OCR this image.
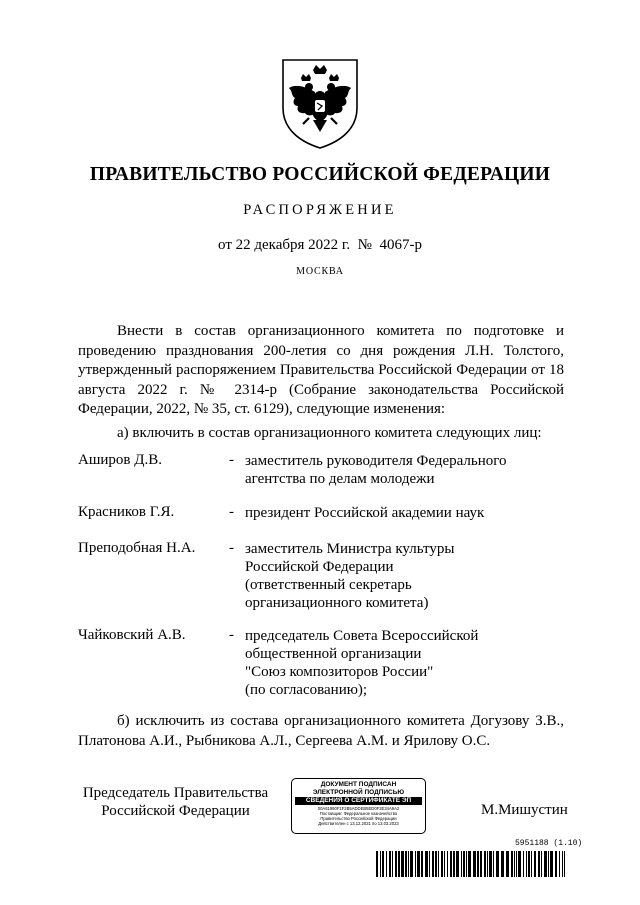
ПРАВИТЕЛЬСТВО РОССИЙСКОЙ ФЕДЕРАЦИИ
РАСПОРЯЖЕНИЕ
от 22 декабря 2022 г.  №  4067-р
МОСКВА

Внести в состав организационного комитета по подготовке и проведению празднования 200-летия со дня рождения Л.Н. Толстого, утвержденный распоряжением Правительства Российской Федерации от 18 августа 2022 г. № 2314-р (Собрание законодательства Российской Федерации, 2022, № 35, ст. 6129), следующие изменения:

а) включить в состав организационного комитета следующих лиц:

Аширов Д.В.	- заместитель руководителя Федерального
агентства по делам молодежи
Красников Г.Я.	- президент Российской академии наук
Преподобная Н.А. - заместитель Министра культуры
Российской Федерации
(ответственный секретарь
организационного комитета)
Чайковский А.В.	- председатель Совета Всероссийской
общественной организации
"Союз композиторов России"
(по согласованию);
б) исключить из состава организационного комитета Догузову З.В.,
Платонова А.И., Рыбникова А.Л., Сергеева А.М. и Ярилову О.С.
Председатель Правительства
Российской Федерации
ДОКУМЕНТ ПОДПИСАН
ЭЛЕКТРОННОЙ ПОДПИСЬЮ
СВЕДЕНИЯ О СЕРТИФИКАТЕ ЭП
00A61990F1F2B5ADDEB5ED0F2E34A9A2
Поставщик: Федеральное казначейство
Правительство Российской Федерации
Действителен с 13.12.2021 по 13.03.2023
М.Мишустин
5951188 (1.10)
